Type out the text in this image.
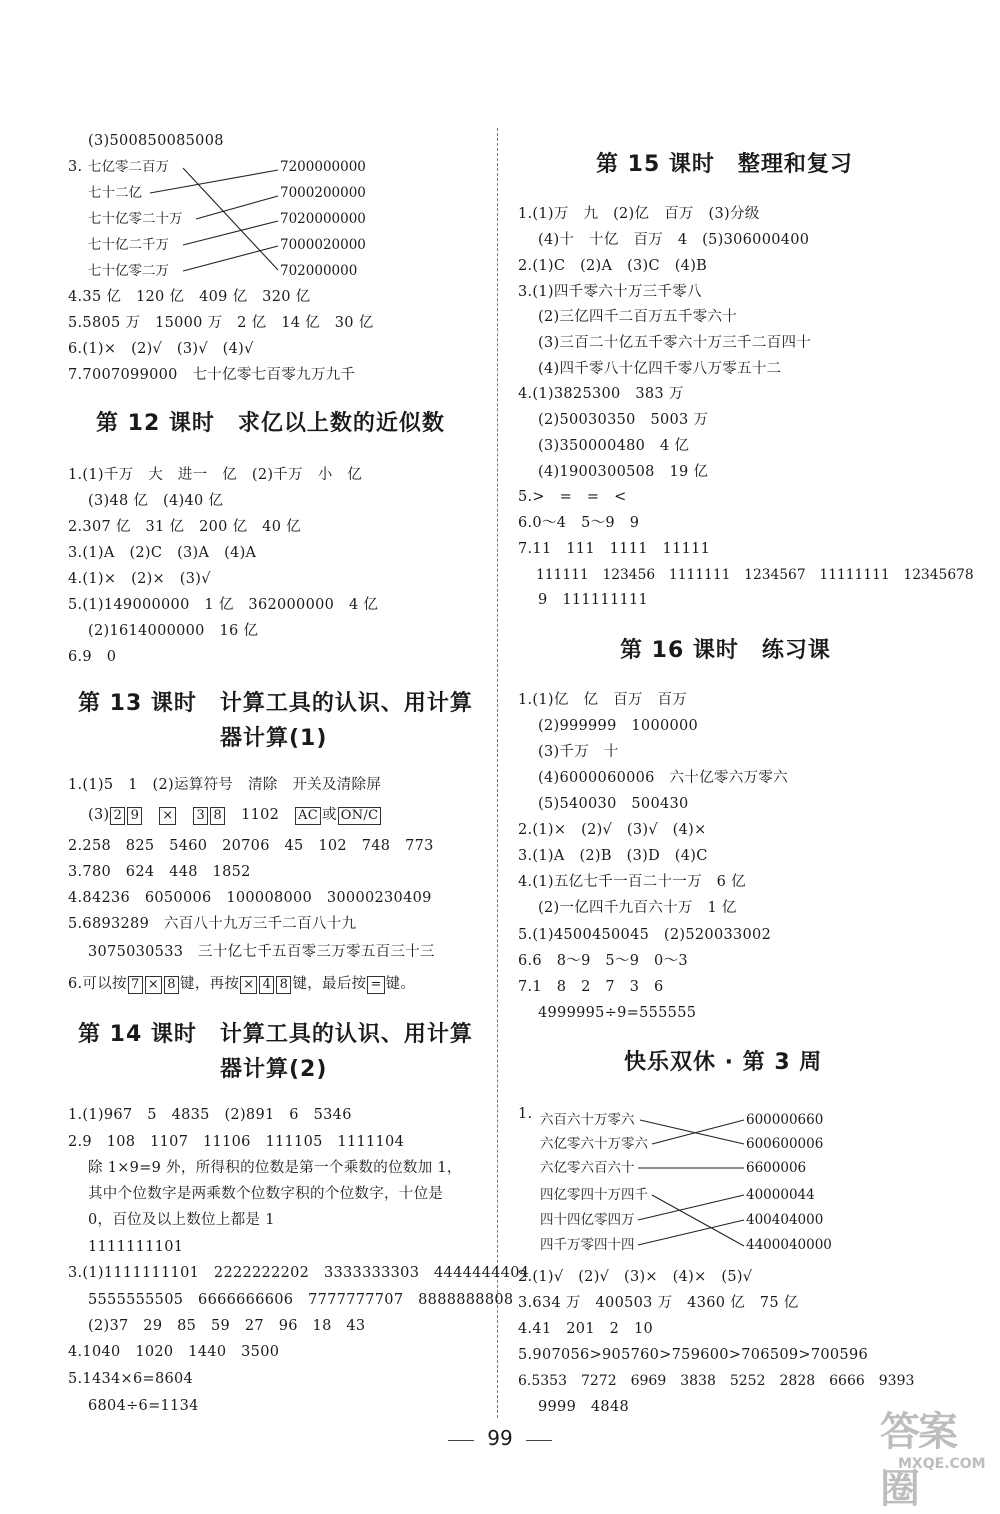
(3)500850085008
3. 七亿零二百万
七十二亿
七十亿零二十万
七十亿二千万
七十亿零二万
7200000000
7000200000
7020000000
7000020000
702000000
4.35 亿　120 亿　409 亿　320 亿
5.5805 万　15000 万　2 亿　14 亿　30 亿
6.(1)×　(2)√　(3)√　(4)√
7.7007099000　七十亿零七百零九万九千
第 12 课时　求亿以上数的近似数
1.(1)千万　大　进一　亿　(2)千万　小　亿
(3)48 亿　(4)40 亿
2.307 亿　31 亿　200 亿　40 亿
3.(1)A　(2)C　(3)A　(4)A
4.(1)×　(2)×　(3)√
5.(1)149000000　1 亿　362000000　4 亿
(2)1614000000　16 亿
6.9　0
第 13 课时　计算工具的认识、用计算
器计算(1)
1.(1)5　1　(2)运算符号　清除　开关及清除屏
(3) 2 9　 ×　 3 8　 1102　 AC 或 ON/C
2.258　825　5460　20706　45　102　748　773
3.780　624　448　1852
4.84236　6050006　100008000　30000230409
5.6893289　六百八十九万三千二百八十九
3075030533　三十亿七千五百零三万零五百三十三
6.可以按 7 × 8 键，再按 × 4 8 键，最后按 = 键。
第 14 课时　计算工具的认识、用计算
器计算(2)
1.(1)967　5　4835　(2)891　6　5346
2.9　108　1107　11106　111105　1111104
除 1×9=9 外，所得积的位数是第一个乘数的位数加 1，
其中个位数字是两乘数个位数字积的个位数字，十位是
0，百位及以上数位上都是 1
1111111101
3.(1)1111111101　2222222202　3333333303　4444444404
5555555505　6666666606　7777777707　8888888808
(2)37　29　85　59　27　96　18　43
4.1040　1020　1440　3500
5.1434×6=8604
6804÷6=1134
第 15 课时　整理和复习
1.(1)万　九　(2)亿　百万　(3)分级
(4)十　十亿　百万　4　(5)306000400
2.(1)C　(2)A　(3)C　(4)B
3.(1)四千零六十万三千零八
(2)三亿四千二百万五千零六十
(3)三百二十亿五千零六十万三千二百四十
(4)四千零八十亿四千零八万零五十二
4.(1)3825300　383 万
(2)50030350　5003 万
(3)350000480　4 亿
(4)1900300508　19 亿
5.>　=　=　<
6.0～4　5～9　9
7.11　111　1111　11111
111111　123456　1111111　1234567　11111111　12345678
9　111111111
第 16 课时　练习课
1.(1)亿　亿　百万　百万
(2)999999　1000000
(3)千万　十
(4)6000060006　六十亿零六万零六
(5)540030　500430
2.(1)×　(2)√　(3)√　(4)×
3.(1)A　(2)B　(3)D　(4)C
4.(1)五亿七千一百二十一万　6 亿
(2)一亿四千九百六十万　1 亿
5.(1)4500450045　(2)520033002
6.6　8～9　5～9　0～3
7.1　8　2　7　3　6
4999995÷9=555555
快乐双休 · 第 3 周
1. 六百六十万零六
六亿零六十万零六
六亿零六百六十
四亿零四十万四千
四十四亿零四万
四千万零四十四
600000660
600600006
6600006
40000044
400404000
4400040000
2.(1)√　(2)√　(3)×　(4)×　(5)√
3.634 万　400503 万　4360 亿　75 亿
4.41　201　2　10
5.907056>905760>759600>706509>700596
6.5353　7272　6969　3838　5252　2828　6666　9393
9999　4848
99	答案圈
MXQE.COM
